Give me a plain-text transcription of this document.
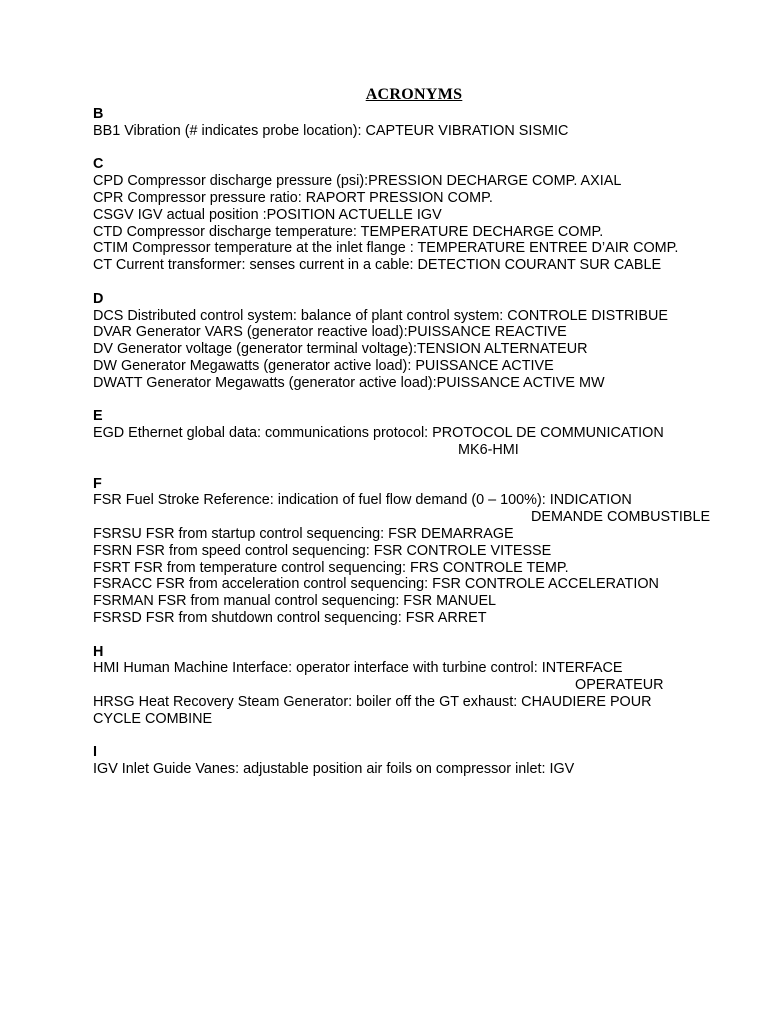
ACRONYMS
B
BB1 Vibration (# indicates probe location): CAPTEUR VIBRATION SISMIC
C
CPD Compressor discharge pressure (psi):PRESSION DECHARGE COMP. AXIAL
CPR Compressor pressure ratio: RAPORT PRESSION COMP.
CSGV IGV actual position :POSITION ACTUELLE IGV
CTD Compressor discharge temperature: TEMPERATURE DECHARGE COMP.
CTIM Compressor temperature at the inlet flange : TEMPERATURE ENTREE D’AIR COMP.
CT Current transformer: senses current in a cable: DETECTION COURANT SUR CABLE
D
DCS Distributed control system: balance of plant control system: CONTROLE DISTRIBUE
DVAR Generator VARS (generator reactive load):PUISSANCE REACTIVE
DV Generator voltage (generator terminal voltage):TENSION ALTERNATEUR
DW Generator Megawatts (generator active load): PUISSANCE ACTIVE
DWATT Generator Megawatts (generator active load):PUISSANCE ACTIVE MW
E
EGD Ethernet global data: communications protocol: PROTOCOL DE COMMUNICATION
MK6-HMI
F
FSR Fuel Stroke Reference: indication of fuel flow demand (0 – 100%): INDICATION
DEMANDE COMBUSTIBLE
FSRSU FSR from startup control sequencing: FSR DEMARRAGE
FSRN FSR from speed control sequencing: FSR CONTROLE VITESSE
FSRT FSR from temperature control sequencing: FRS CONTROLE TEMP.
FSRACC FSR from acceleration control sequencing: FSR CONTROLE ACCELERATION
FSRMAN FSR from manual control sequencing: FSR MANUEL
FSRSD FSR from shutdown control sequencing: FSR ARRET
H
HMI Human Machine Interface: operator interface with turbine control: INTERFACE
OPERATEUR
HRSG Heat Recovery Steam Generator: boiler off the GT exhaust: CHAUDIERE POUR
CYCLE COMBINE
I
IGV Inlet Guide Vanes: adjustable position air foils on compressor inlet: IGV
